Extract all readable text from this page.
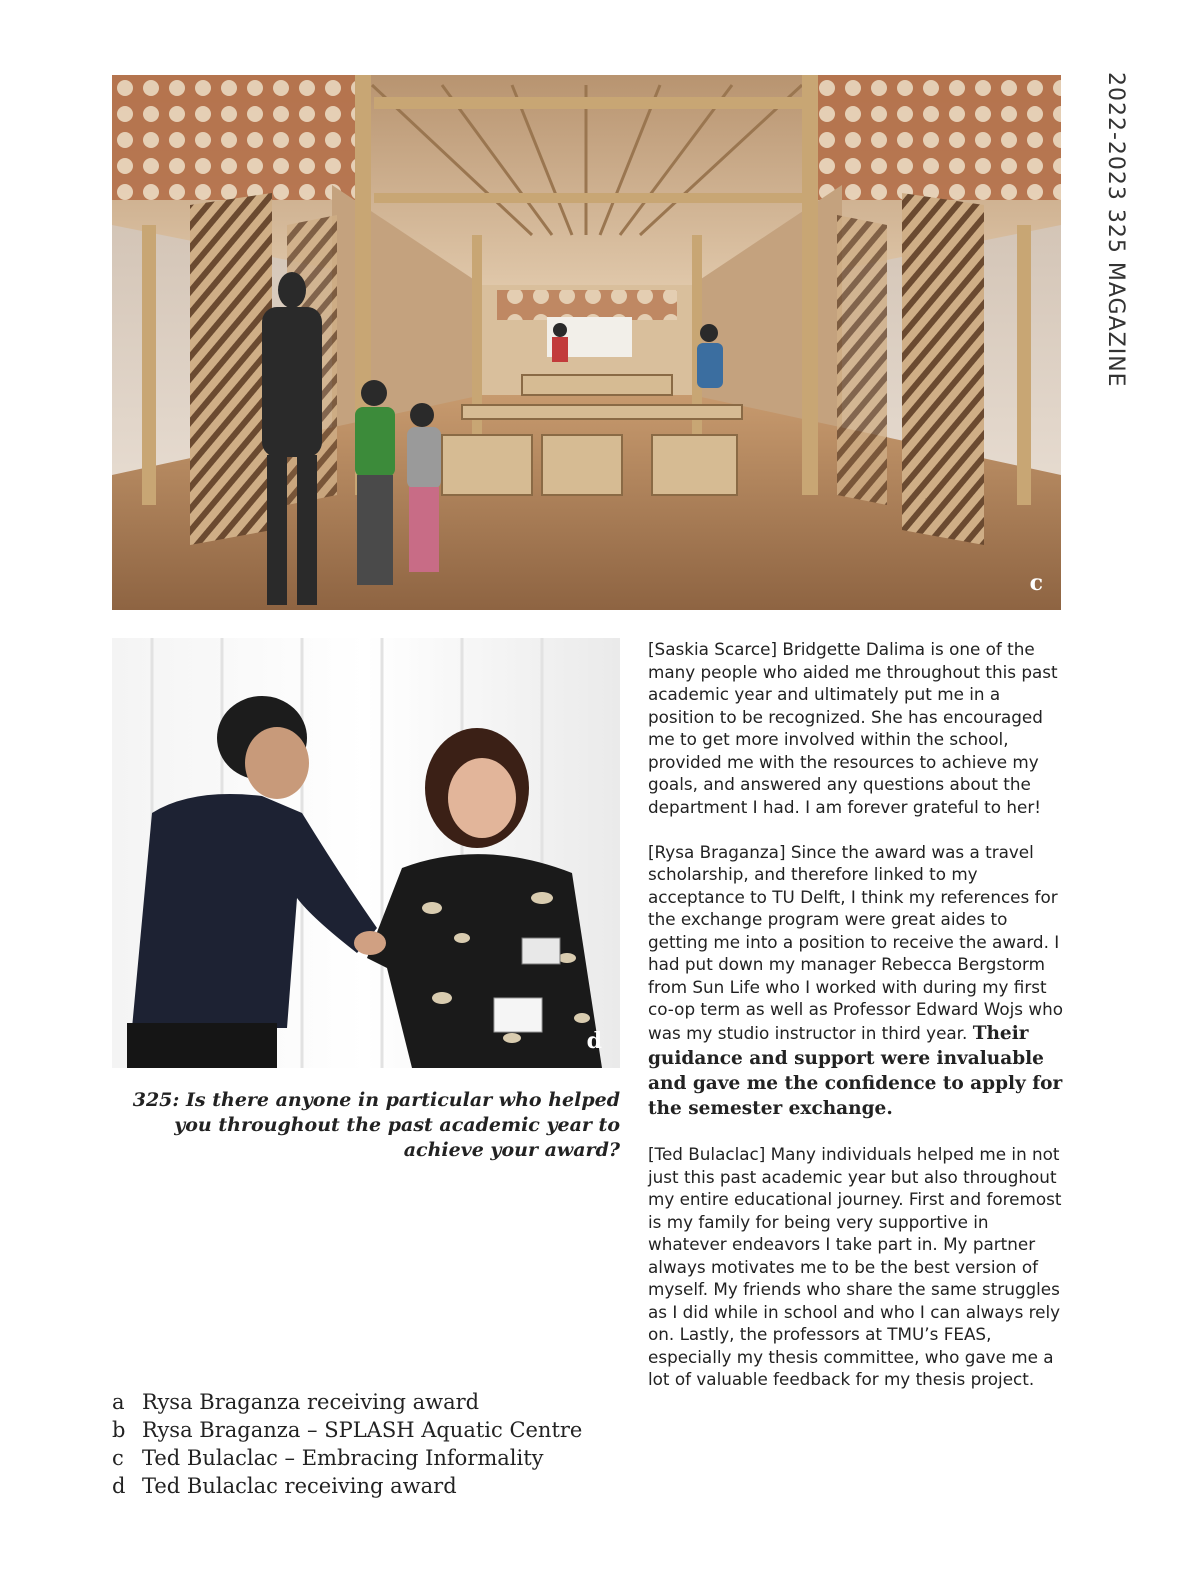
2022-2023 325 MAGAZINE
c
d
325: Is there anyone in particular who helped you throughout the past academic year to achieve your award?

[Saskia Scarce] Bridgette Dalima is one of the many people who aided me throughout this past academic year and ultimately put me in a position to be recognized. She has encouraged me to get more involved within the school, provided me with the resources to achieve my goals, and answered any questions about the department I had. I am forever grateful to her!

[Rysa Braganza] Since the award was a travel scholarship, and therefore linked to my acceptance to TU Delft, I think my references for the exchange program were great aides to getting me into a position to receive the award. I had put down my manager Rebecca Bergstorm from Sun Life who I worked with during my first co-op term as well as Professor Edward Wojs who was my studio instructor in third year. Their guidance and support were invaluable and gave me the confidence to apply for the semester exchange.

[Ted Bulaclac] Many individuals helped me in not just this past academic year but also throughout my entire educational journey. First and foremost is my family for being very supportive in whatever endeavors I take part in. My partner always motivates me to be the best version of myself. My friends who share the same struggles as I did while in school and who I can always rely on. Lastly, the professors at TMU’s FEAS, especially my thesis committee, who gave me a lot of valuable feedback for my thesis project.

a Rysa Braganza receiving award
b Rysa Braganza – SPLASH Aquatic Centre
c Ted Bulaclac – Embracing Informality
d Ted Bulaclac receiving award
